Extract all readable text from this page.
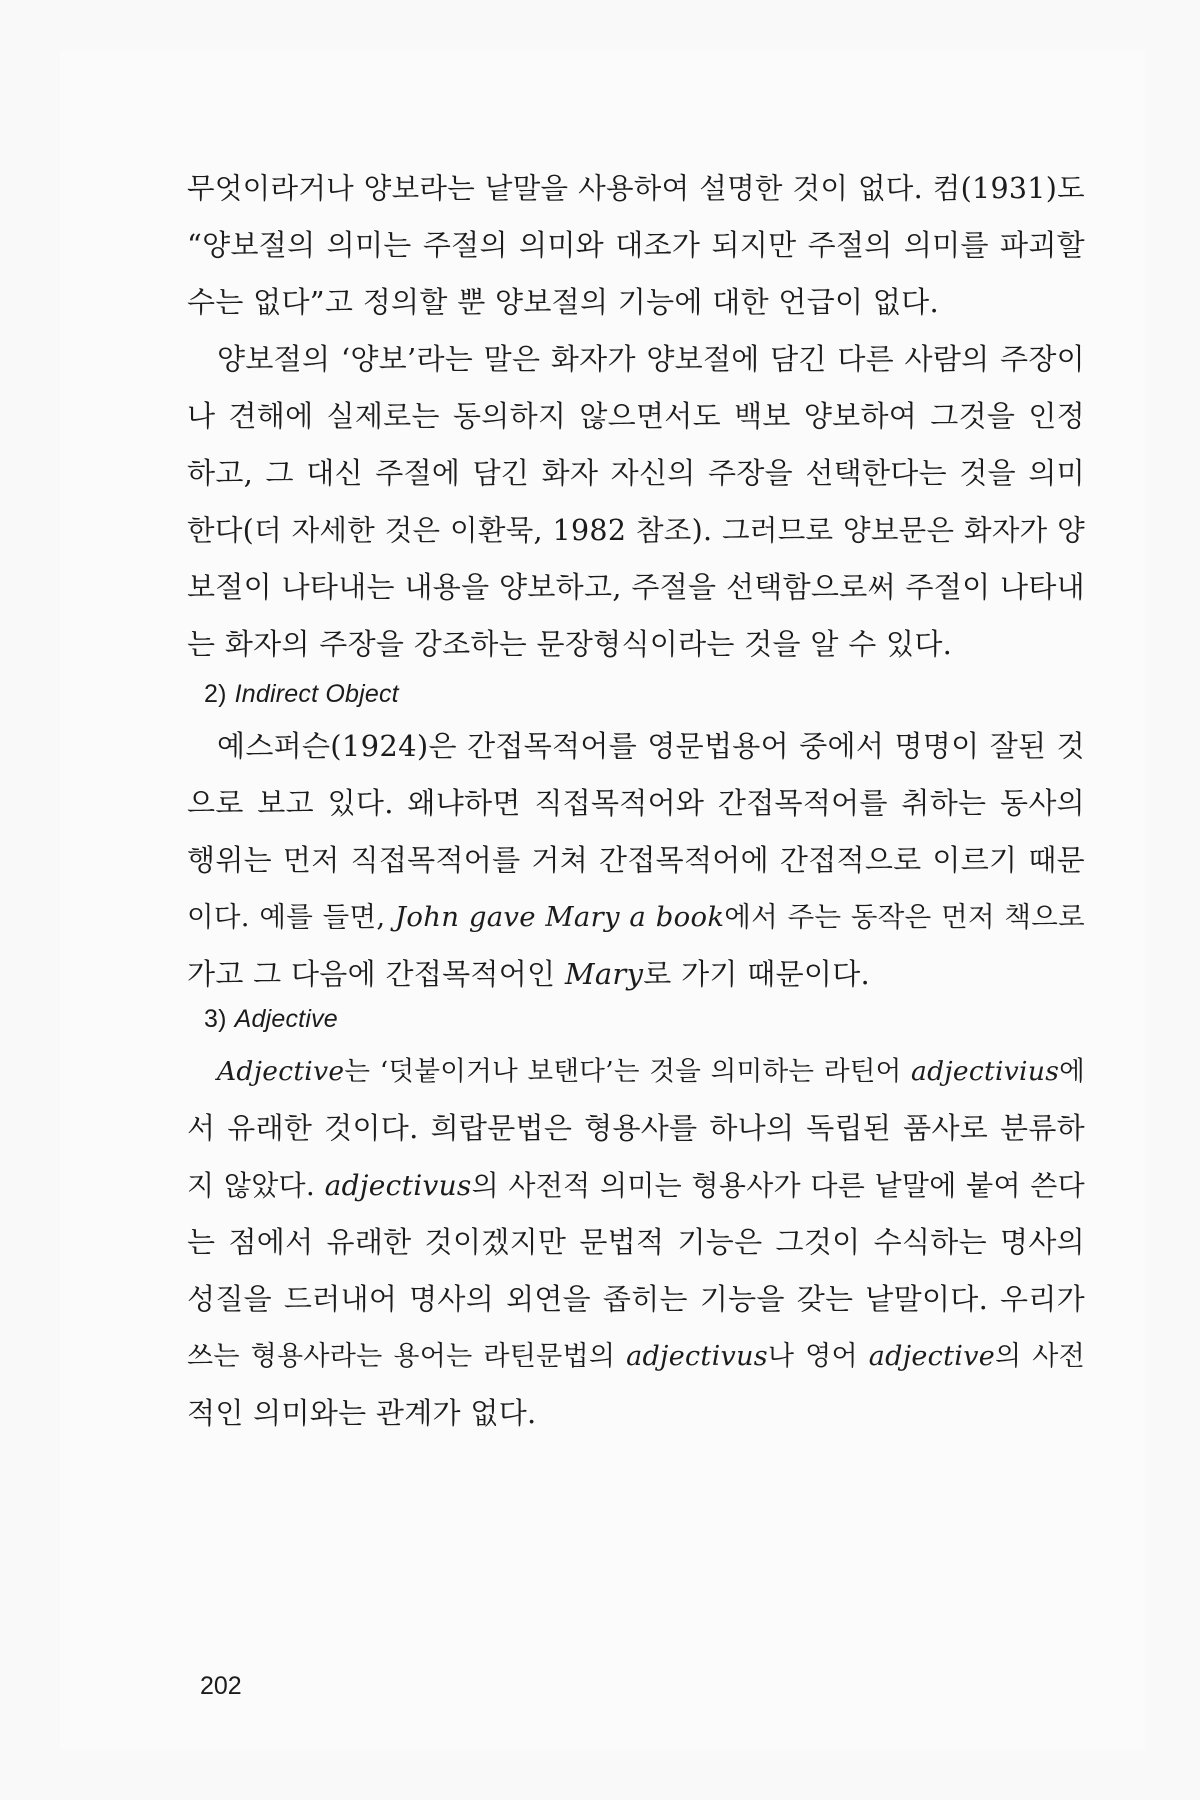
무엇이라거나 양보라는 낱말을 사용하여 설명한 것이 없다. 컴(1931)도
“양보절의 의미는 주절의 의미와 대조가 되지만 주절의 의미를 파괴할
수는 없다”고 정의할 뿐 양보절의 기능에 대한 언급이 없다.
양보절의 ‘양보’라는 말은 화자가 양보절에 담긴 다른 사람의 주장이
나 견해에 실제로는 동의하지 않으면서도 백보 양보하여 그것을 인정
하고, 그 대신 주절에 담긴 화자 자신의 주장을 선택한다는 것을 의미
한다(더 자세한 것은 이환묵, 1982 참조). 그러므로 양보문은 화자가 양
보절이 나타내는 내용을 양보하고, 주절을 선택함으로써 주절이 나타내
는 화자의 주장을 강조하는 문장형식이라는 것을 알 수 있다.
2) Indirect Object
예스퍼슨(1924)은 간접목적어를 영문법용어 중에서 명명이 잘된 것
으로 보고 있다. 왜냐하면 직접목적어와 간접목적어를 취하는 동사의
행위는 먼저 직접목적어를 거쳐 간접목적어에 간접적으로 이르기 때문
이다. 예를 들면, John gave Mary a book에서 주는 동작은 먼저 책으로
가고 그 다음에 간접목적어인 Mary로 가기 때문이다.
3) Adjective
Adjective는 ‘덧붙이거나 보탠다’는 것을 의미하는 라틴어 adjectivius에
서 유래한 것이다. 희랍문법은 형용사를 하나의 독립된 품사로 분류하
지 않았다. adjectivus의 사전적 의미는 형용사가 다른 낱말에 붙여 쓴다
는 점에서 유래한 것이겠지만 문법적 기능은 그것이 수식하는 명사의
성질을 드러내어 명사의 외연을 좁히는 기능을 갖는 낱말이다. 우리가
쓰는 형용사라는 용어는 라틴문법의 adjectivus나 영어 adjective의 사전
적인 의미와는 관계가 없다.
202
